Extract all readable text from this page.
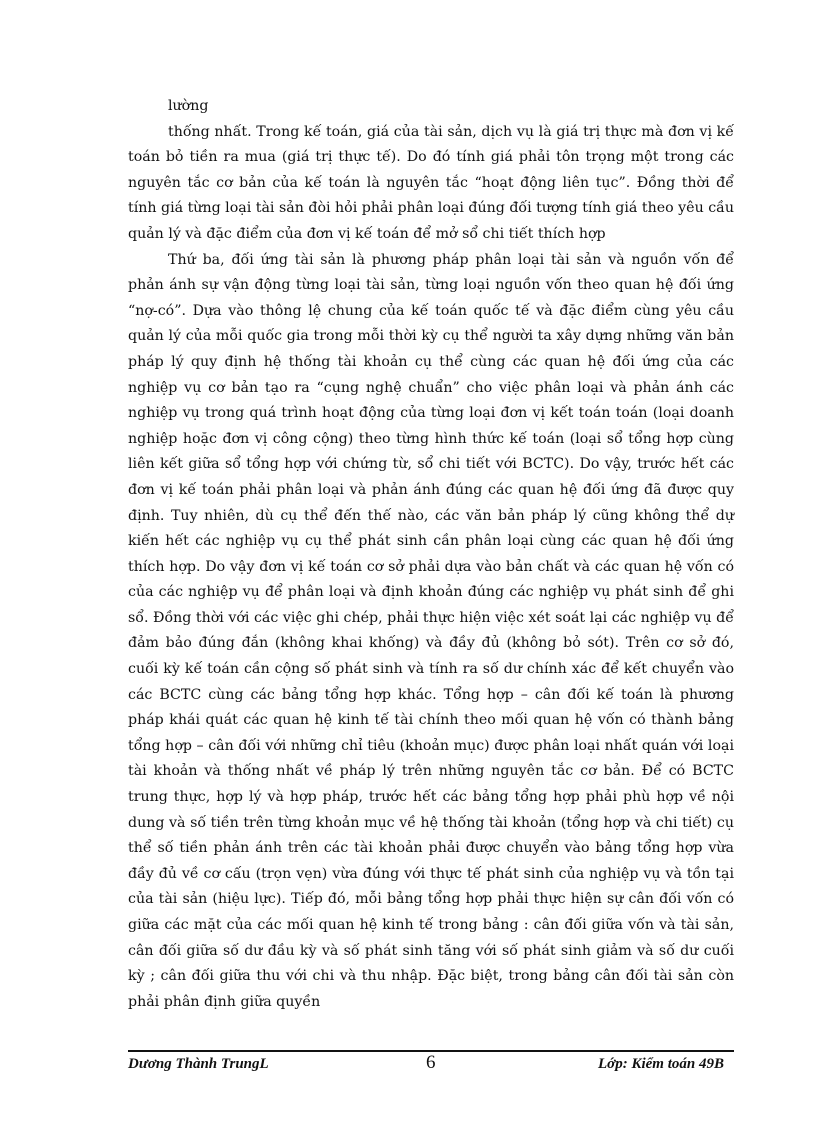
lường

thống nhất. Trong kế toán, giá của tài sản, dịch vụ là giá trị thực mà đơn vị kế toán bỏ tiền ra mua (giá trị thực tế). Do đó tính giá phải tôn trọng một trong các nguyên tắc cơ bản của kế toán là nguyên tắc “hoạt động liên tục”. Đồng thời để tính giá từng loại tài sản đòi hỏi phải phân loại đúng đối tượng tính giá theo yêu cầu quản lý và đặc điểm của đơn vị kế toán để mở sổ chi tiết thích hợp

Thứ ba, đối ứng tài sản là phương pháp phân loại tài sản và nguồn vốn để phản ánh sự vận động từng loại tài sản, từng loại nguồn vốn theo quan hệ đối ứng “nợ-có”. Dựa vào thông lệ chung của kế toán quốc tế và đặc điểm cùng yêu cầu quản lý của mỗi quốc gia trong mỗi thời kỳ cụ thể người ta xây dựng những văn bản pháp lý quy định hệ thống tài khoản cụ thể cùng các quan hệ đối ứng của các nghiệp vụ cơ bản tạo ra “cụng nghệ chuẩn” cho việc phân loại và phản ánh các nghiệp vụ trong quá trình hoạt động của từng loại đơn vị kết toán toán (loại doanh nghiệp hoặc đơn vị công cộng) theo từng hình thức kế toán (loại sổ tổng hợp cùng liên kết giữa sổ tổng hợp với chứng từ, sổ chi tiết với BCTC). Do vậy, trước hết các đơn vị kế toán phải phân loại và phản ánh đúng các quan hệ đối ứng đã được quy định. Tuy nhiên, dù cụ thể đến thế nào, các văn bản pháp lý cũng không thể dự kiến hết các nghiệp vụ cụ thể phát sinh cần phân loại cùng các quan hệ đối ứng thích hợp. Do vậy đơn vị kế toán cơ sở phải dựa vào bản chất và các quan hệ vốn có của các nghiệp vụ để phân loại và định khoản đúng các nghiệp vụ phát sinh để ghi sổ. Đồng thời với các việc ghi chép, phải thực hiện việc xét soát lại các nghiệp vụ để đảm bảo đúng đắn (không khai khống) và đầy đủ (không bỏ sót). Trên cơ sở đó, cuối kỳ kế toán cần cộng số phát sinh và tính ra số dư chính xác để kết chuyển vào các BCTC cùng các bảng tổng hợp khác. Tổng hợp – cân đối kế toán là phương pháp khái quát các quan hệ kinh tế tài chính theo mối quan hệ vốn có thành bảng tổng hợp – cân đối với những chỉ tiêu (khoản mục) được phân loại nhất quán với loại tài khoản và thống nhất về pháp lý trên những nguyên tắc cơ bản. Để có BCTC trung thực, hợp lý và hợp pháp, trước hết các bảng tổng hợp phải phù hợp về nội dung và số tiền trên từng khoản mục về hệ thống tài khoản (tổng hợp và chi tiết) cụ thể số tiền phản ánh trên các tài khoản phải được chuyển vào bảng tổng hợp vừa đầy đủ về cơ cấu (trọn vẹn) vừa đúng với thực tế phát sinh của nghiệp vụ và tồn tại của tài sản (hiệu lực). Tiếp đó, mỗi bảng tổng hợp phải thực hiện sự cân đối vốn có giữa các mặt của các mối quan hệ kinh tế trong bảng : cân đối giữa vốn và tài sản, cân đối giữa số dư đầu kỳ và số phát sinh tăng với số phát sinh giảm và số dư cuối kỳ ; cân đối giữa thu với chi và thu nhập. Đặc biệt, trong bảng cân đối tài sản còn phải phân định giữa quyền

Dương Thành TrungL	6	Lớp: Kiểm toán 49B
